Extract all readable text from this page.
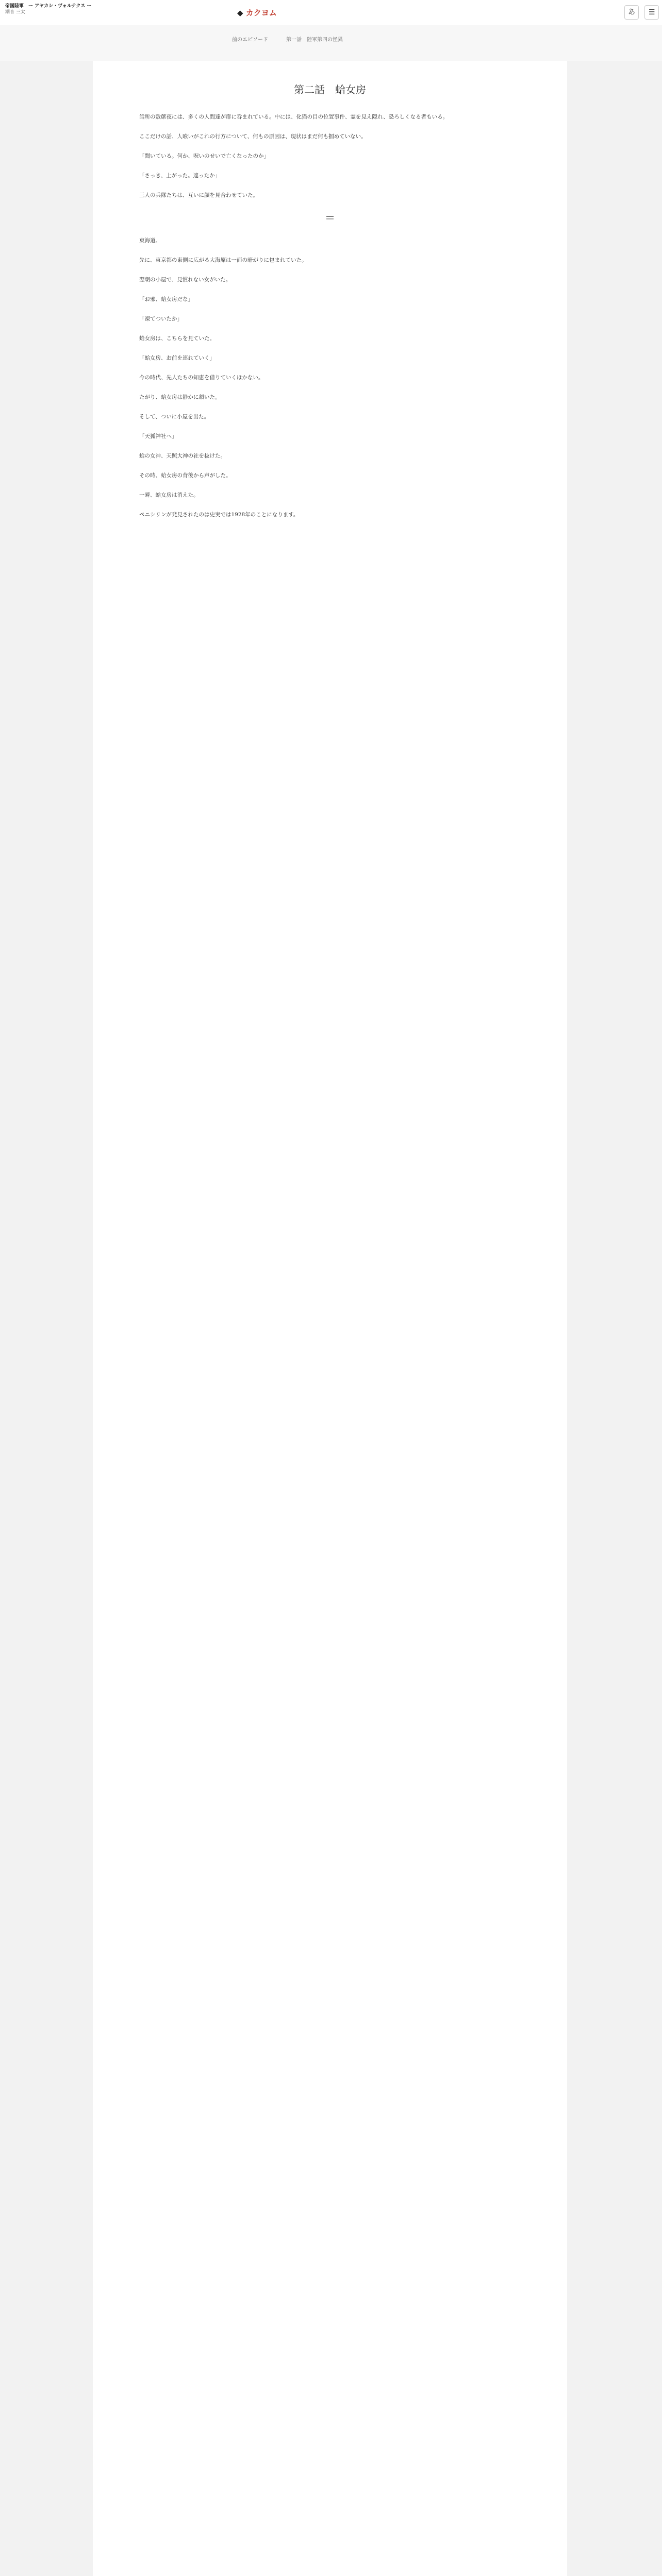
帝国陸軍　ー アヤカシ・ヴォルテクス ー
潮音 三太	◆ カクヨム	あ ☰
前のエピソード	第一話　陸軍第四の怪異
第二話　蛤女房

話所の敷蓆夜には、多くの人間達が扉に呑まれている。中には、化猫の目の位置事件、霊を見え隠れ、恐ろしくなる者もいる。

ここだけの話、人喰いがこれの行方について、何もの原因は、現状はまだ何も掴めていない。

「聞いている。何か、呪いのせいで亡くなったのか」

「さっき、上がった。違ったか」

三人の兵隊たちは、互いに顔を見合わせていた。

＝

東海道。

先に、東京都の東側に広がる大海原は一面の暗がりに包まれていた。

翌朝の小屋で、見慣れない女がいた。

「お邪、蛤女房だな」

「凍てついたか」

蛤女房は、こちらを見ていた。

「蛤女房、お前を連れていく」

今の時代、先人たちの知恵を借りていくほかない。

たがり、蛤女房は静かに頷いた。

そして、ついに小屋を出た。

「天狐神社へ」

蛤の女神、天照大神の社を抜けた。

その時、蛤女房の背後から声がした。

一瞬、蛤女房は消えた。

ペニシリンが発見されたのは史実では1928年のことになります。
